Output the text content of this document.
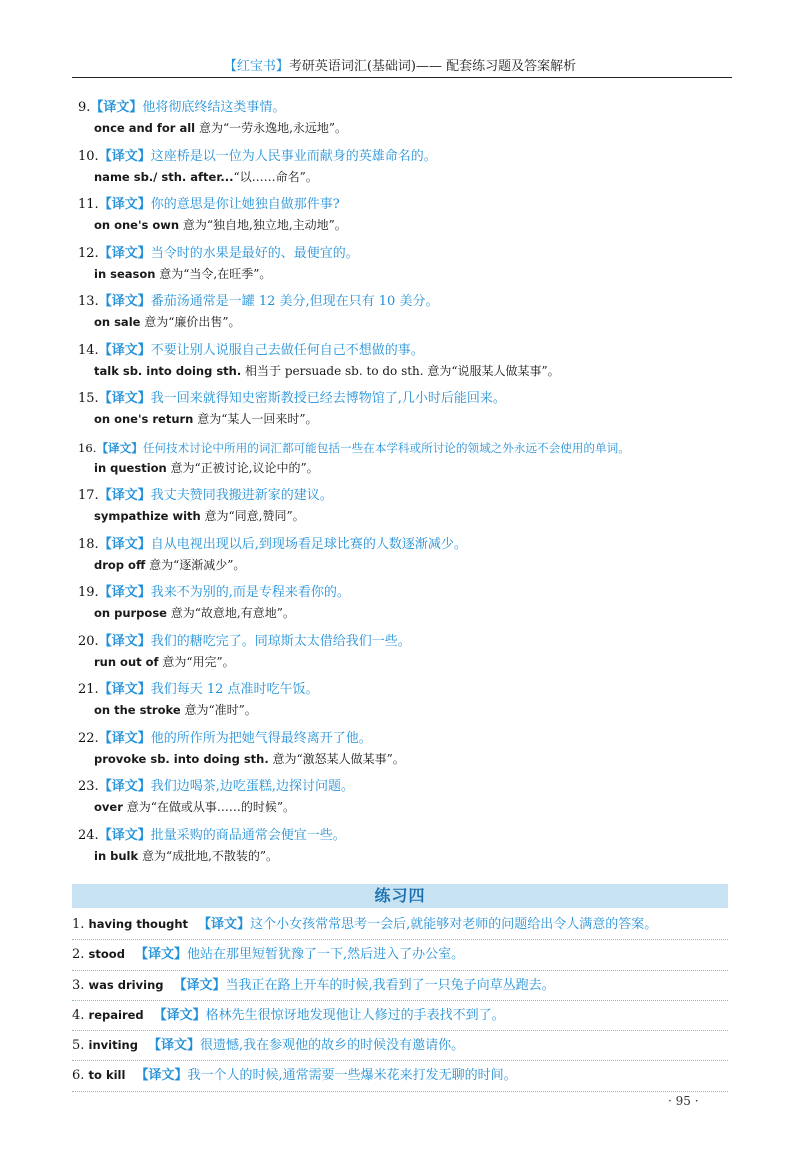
【红宝书】考研英语词汇(基础词)—— 配套练习题及答案解析
9.【译文】他将彻底终结这类事情。
once and for all 意为“一劳永逸地,永远地”。
10.【译文】这座桥是以一位为人民事业而献身的英雄命名的。
name sb./ sth. after...“以……命名”。
11.【译文】你的意思是你让她独自做那件事?
on one's own 意为“独自地,独立地,主动地”。
12.【译文】当令时的水果是最好的、最便宜的。
in season 意为“当令,在旺季”。
13.【译文】番茄汤通常是一罐 12 美分,但现在只有 10 美分。
on sale 意为“廉价出售”。
14.【译文】不要让别人说服自己去做任何自己不想做的事。
talk sb. into doing sth. 相当于 persuade sb. to do sth. 意为“说服某人做某事”。
15.【译文】我一回来就得知史密斯教授已经去博物馆了,几小时后能回来。
on one's return 意为“某人一回来时”。
16.【译文】任何技术讨论中所用的词汇都可能包括一些在本学科或所讨论的领域之外永远不会使用的单词。
in question 意为“正被讨论,议论中的”。
17.【译文】我丈夫赞同我搬进新家的建议。
sympathize with 意为“同意,赞同”。
18.【译文】自从电视出现以后,到现场看足球比赛的人数逐渐减少。
drop off 意为“逐渐减少”。
19.【译文】我来不为别的,而是专程来看你的。
on purpose 意为“故意地,有意地”。
20.【译文】我们的糖吃完了。同琼斯太太借给我们一些。
run out of 意为“用完”。
21.【译文】我们每天 12 点准时吃午饭。
on the stroke 意为“准时”。
22.【译文】他的所作所为把她气得最终离开了他。
provoke sb. into doing sth. 意为“激怒某人做某事”。
23.【译文】我们边喝茶,边吃蛋糕,边探讨问题。
over 意为“在做或从事……的时候”。
24.【译文】批量采购的商品通常会便宜一些。
in bulk 意为“成批地,不散装的”。
练习四
1. having thought 【译文】这个小女孩常常思考一会后,就能够对老师的问题给出令人满意的答案。
2. stood 【译文】他站在那里短暂犹豫了一下,然后进入了办公室。
3. was driving 【译文】当我正在路上开车的时候,我看到了一只兔子向草丛跑去。
4. repaired 【译文】格林先生很惊讶地发现他让人修过的手表找不到了。
5. inviting 【译文】很遗憾,我在参观他的故乡的时候没有邀请你。
6. to kill 【译文】我一个人的时候,通常需要一些爆米花来打发无聊的时间。
· 95 ·
